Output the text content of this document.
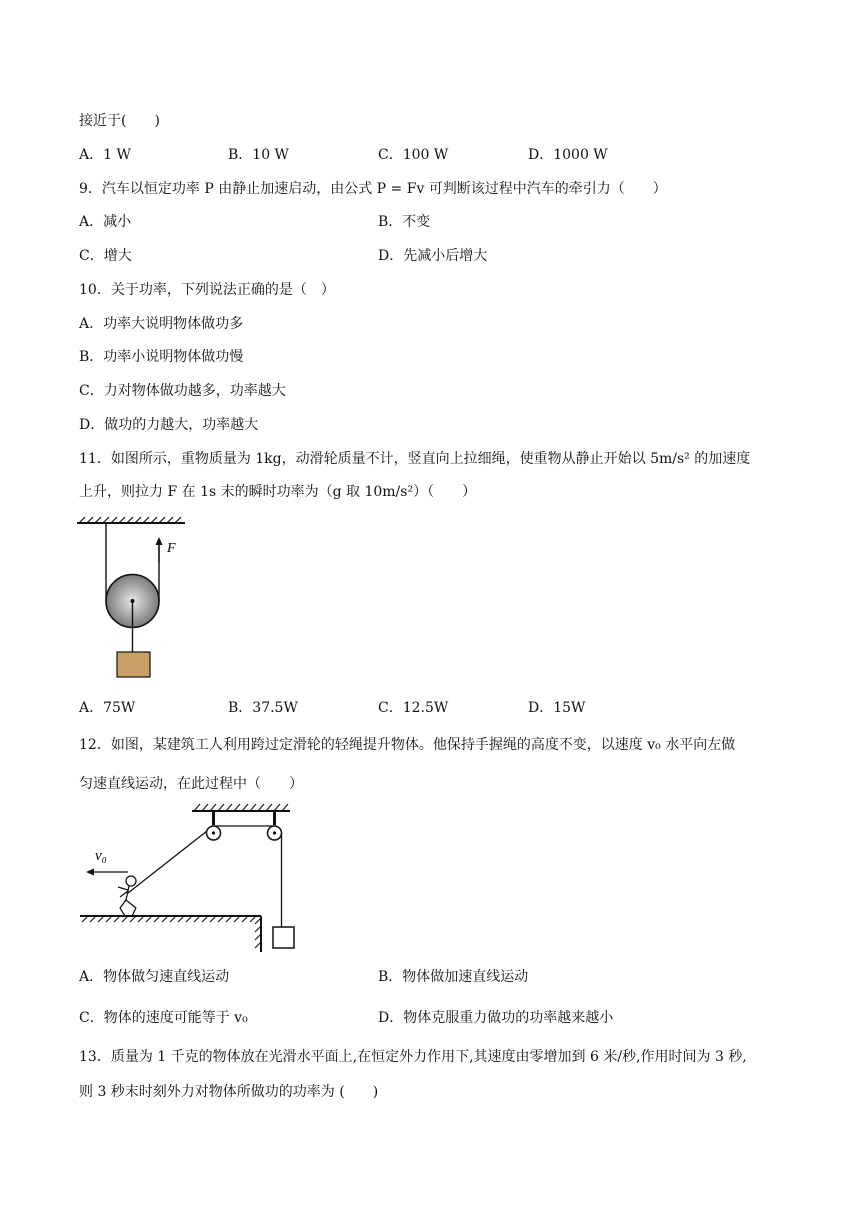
接近于(　　)
A．1 W	B．10 W	C．100 W	D．1000 W
9．汽车以恒定功率 P 由静止加速启动，由公式 P = Fv 可判断该过程中汽车的牵引力（　　）
A．减小	B．不变
C．增大	D．先减小后增大
10．关于功率，下列说法正确的是（　）
A．功率大说明物体做功多
B．功率小说明物体做功慢
C．力对物体做功越多，功率越大
D．做功的力越大，功率越大
11．如图所示，重物质量为 1kg，动滑轮质量不计，竖直向上拉细绳，使重物从静止开始以 5m/s² 的加速度
上升，则拉力 F 在 1s 末的瞬时功率为（g 取 10m/s²）（　　）
F
A．75W	B．37.5W	C．12.5W	D．15W
12．如图，某建筑工人利用跨过定滑轮的轻绳提升物体。他保持手握绳的高度不变，以速度 v₀ 水平向左做
匀速直线运动，在此过程中（　　）
v₀
A．物体做匀速直线运动	B．物体做加速直线运动
C．物体的速度可能等于 v₀	D．物体克服重力做功的功率越来越小
13．质量为 1 千克的物体放在光滑水平面上,在恒定外力作用下,其速度由零增加到 6 米/秒,作用时间为 3 秒,
则 3 秒末时刻外力对物体所做功的功率为 (　　)
